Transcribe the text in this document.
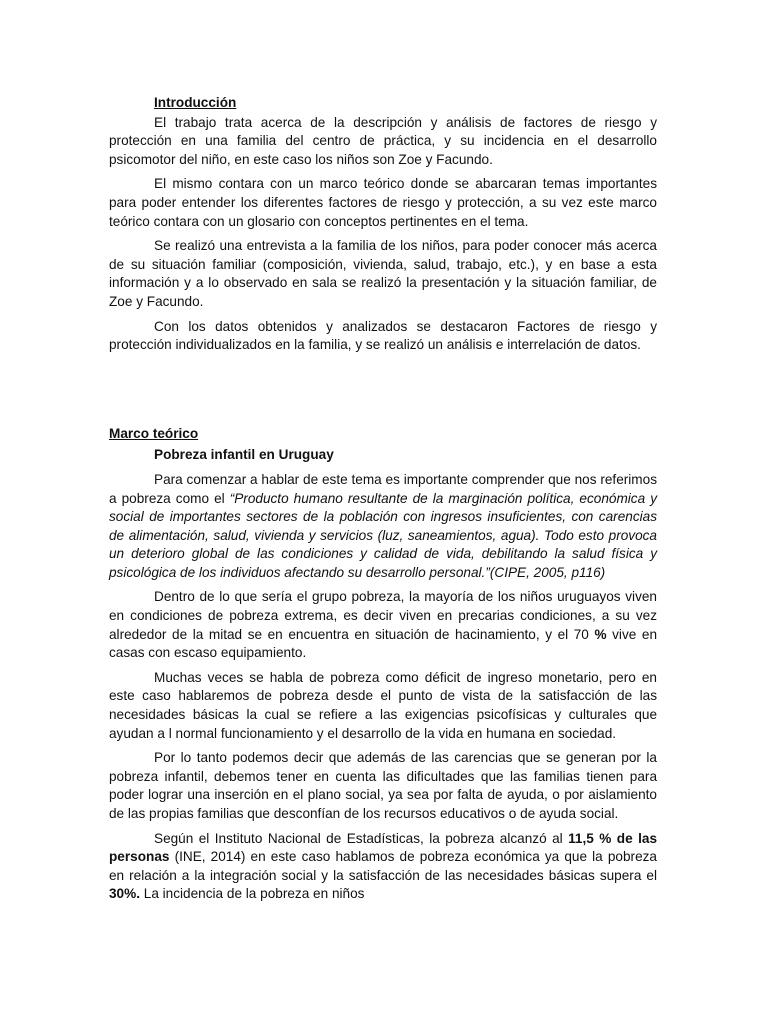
Introducción

El trabajo trata acerca de la descripción y análisis de factores de riesgo y protección en una familia del centro de práctica, y su incidencia en el desarrollo psicomotor del niño, en este caso los niños son Zoe y Facundo.

El mismo contara con un marco teórico donde se abarcaran temas importantes para poder entender los diferentes factores de riesgo y protección, a su vez este marco teórico contara con un glosario con conceptos pertinentes en el tema.

Se realizó una entrevista a la familia de los niños, para poder conocer más acerca de su situación familiar (composición, vivienda, salud, trabajo, etc.), y en base a esta información y a lo observado en sala se realizó la presentación y la situación familiar, de Zoe y Facundo.

Con los datos obtenidos y analizados se destacaron Factores de riesgo y protección individualizados en la familia, y se realizó un análisis e interrelación de datos.

Marco teórico
Pobreza infantil en Uruguay

Para comenzar a hablar de este tema es importante comprender que nos referimos a pobreza como el “Producto humano resultante de la marginación política, económica y social de importantes sectores de la población con ingresos insuficientes, con carencias de alimentación, salud, vivienda y servicios (luz, saneamientos, agua). Todo esto provoca un deterioro global de las condiciones y calidad de vida, debilitando la salud física y psicológica de los individuos afectando su desarrollo personal.”(CIPE, 2005, p116)

Dentro de lo que sería el grupo pobreza, la mayoría de los niños uruguayos viven en condiciones de pobreza extrema, es decir viven en precarias condiciones, a su vez alrededor de la mitad se en encuentra en situación de hacinamiento, y el 70 % vive en casas con escaso equipamiento.

Muchas veces se habla de pobreza como déficit de ingreso monetario, pero en este caso hablaremos de pobreza desde el punto de vista de la satisfacción de las necesidades básicas la cual se refiere a las exigencias psicofísicas y culturales que ayudan a l normal funcionamiento y el desarrollo de la vida en humana en sociedad.

Por lo tanto podemos decir que además de las carencias que se generan por la pobreza infantil, debemos tener en cuenta las dificultades que las familias tienen para poder lograr una inserción en el plano social, ya sea por falta de ayuda, o por aislamiento de las propias familias que desconfían de los recursos educativos o de ayuda social.

Según el Instituto Nacional de Estadísticas, la pobreza alcanzó al 11,5 % de las personas (INE, 2014) en este caso hablamos de pobreza económica ya que la pobreza en relación a la integración social y la satisfacción de las necesidades básicas supera el 30%. La incidencia de la pobreza en niños
